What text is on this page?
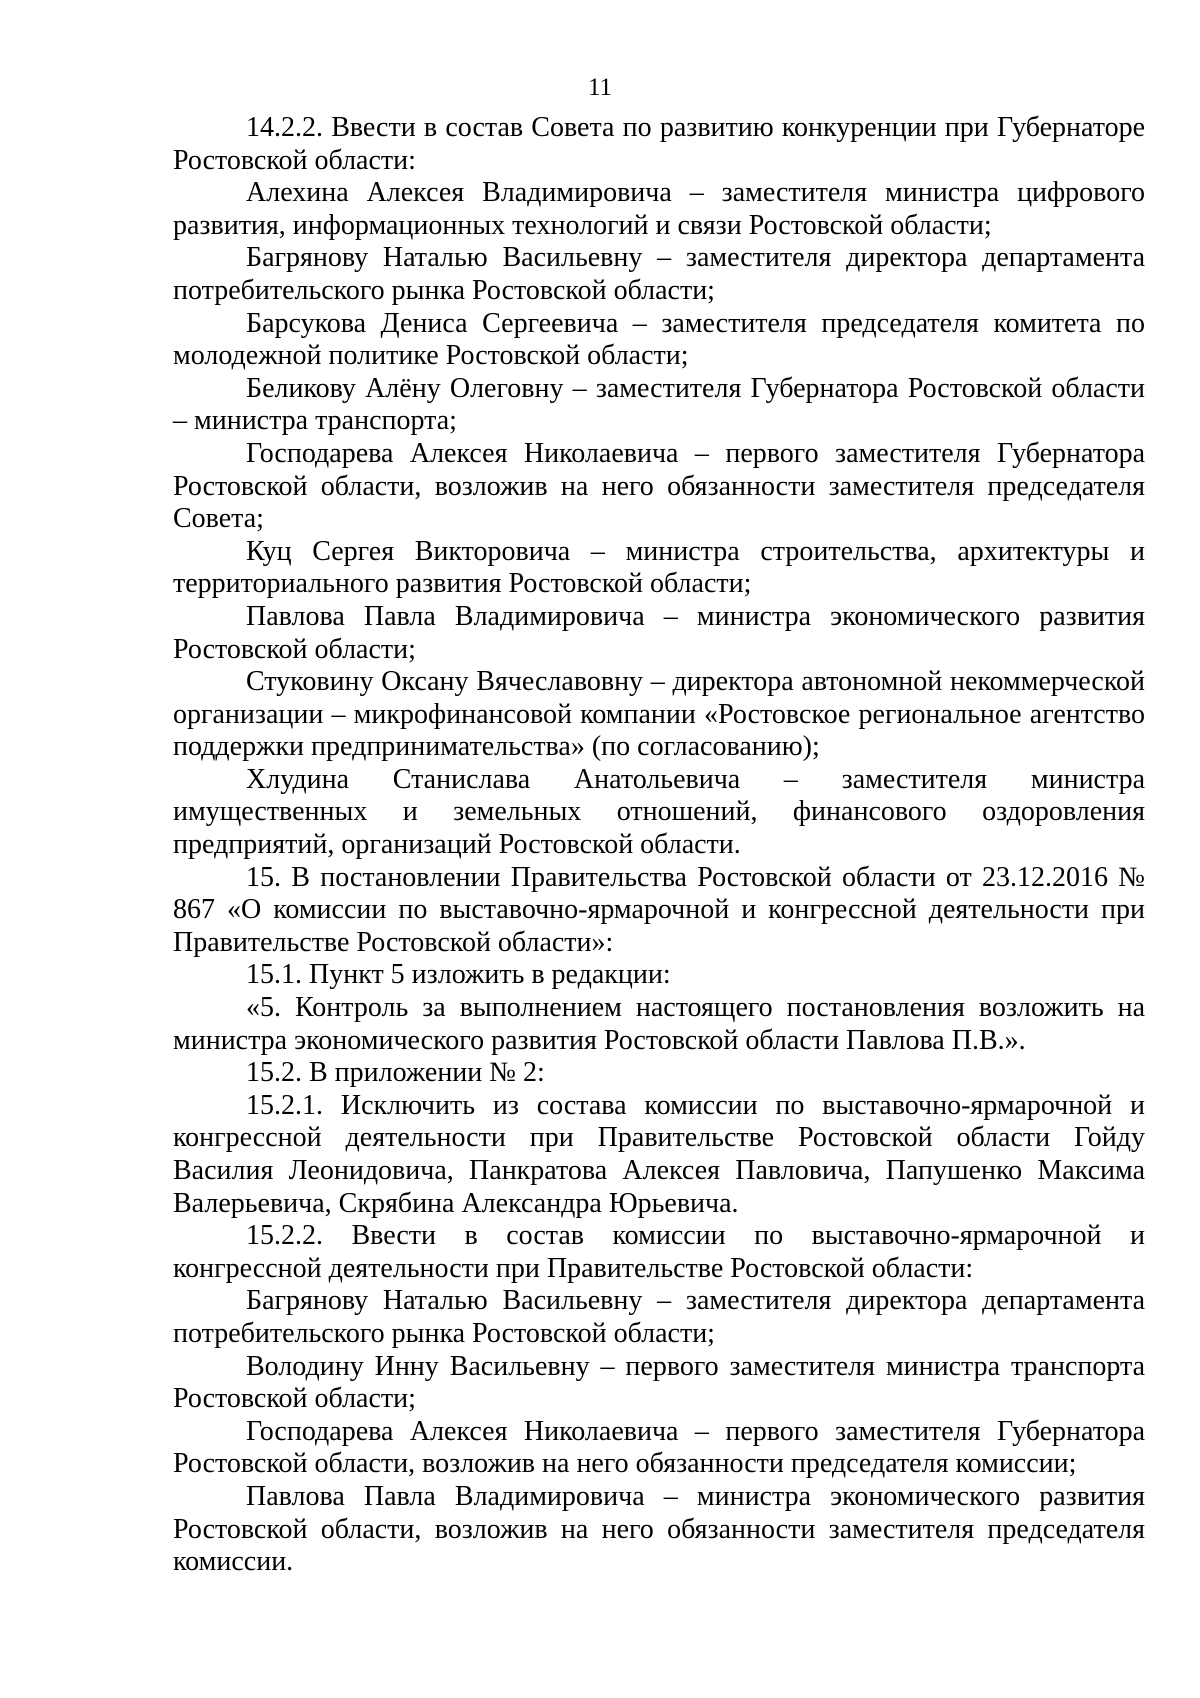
11

14.2.2. Ввести в состав Совета по развитию конкуренции при Губернаторе Ростовской области:

Алехина Алексея Владимировича – заместителя министра цифрового развития, информационных технологий и связи Ростовской области;

Багрянову Наталью Васильевну – заместителя директора департамента потребительского рынка Ростовской области;

Барсукова Дениса Сергеевича – заместителя председателя комитета по молодежной политике Ростовской области;

Беликову Алёну Олеговну – заместителя Губернатора Ростовской области – министра транспорта;

Господарева Алексея Николаевича – первого заместителя Губернатора Ростовской области, возложив на него обязанности заместителя председателя Совета;

Куц Сергея Викторовича – министра строительства, архитектуры и территориального развития Ростовской области;

Павлова Павла Владимировича – министра экономического развития Ростовской области;

Стуковину Оксану Вячеславовну – директора автономной некоммерческой организации – микрофинансовой компании «Ростовское региональное агентство поддержки предпринимательства» (по согласованию);

Хлудина Станислава Анатольевича – заместителя министра имущественных и земельных отношений, финансового оздоровления предприятий, организаций Ростовской области.

15. В постановлении Правительства Ростовской области от 23.12.2016 № 867 «О комиссии по выставочно-ярмарочной и конгрессной деятельности при Правительстве Ростовской области»:

15.1. Пункт 5 изложить в редакции:

«5. Контроль за выполнением настоящего постановления возложить на министра экономического развития Ростовской области Павлова П.В.».

15.2. В приложении № 2:

15.2.1. Исключить из состава комиссии по выставочно-ярмарочной и конгрессной деятельности при Правительстве Ростовской области Гойду Василия Леонидовича, Панкратова Алексея Павловича, Папушенко Максима Валерьевича, Скрябина Александра Юрьевича.

15.2.2. Ввести в состав комиссии по выставочно-ярмарочной и конгрессной деятельности при Правительстве Ростовской области:

Багрянову Наталью Васильевну – заместителя директора департамента потребительского рынка Ростовской области;

Володину Инну Васильевну – первого заместителя министра транспорта Ростовской области;

Господарева Алексея Николаевича – первого заместителя Губернатора Ростовской области, возложив на него обязанности председателя комиссии;

Павлова Павла Владимировича – министра экономического развития Ростовской области, возложив на него обязанности заместителя председателя комиссии.
